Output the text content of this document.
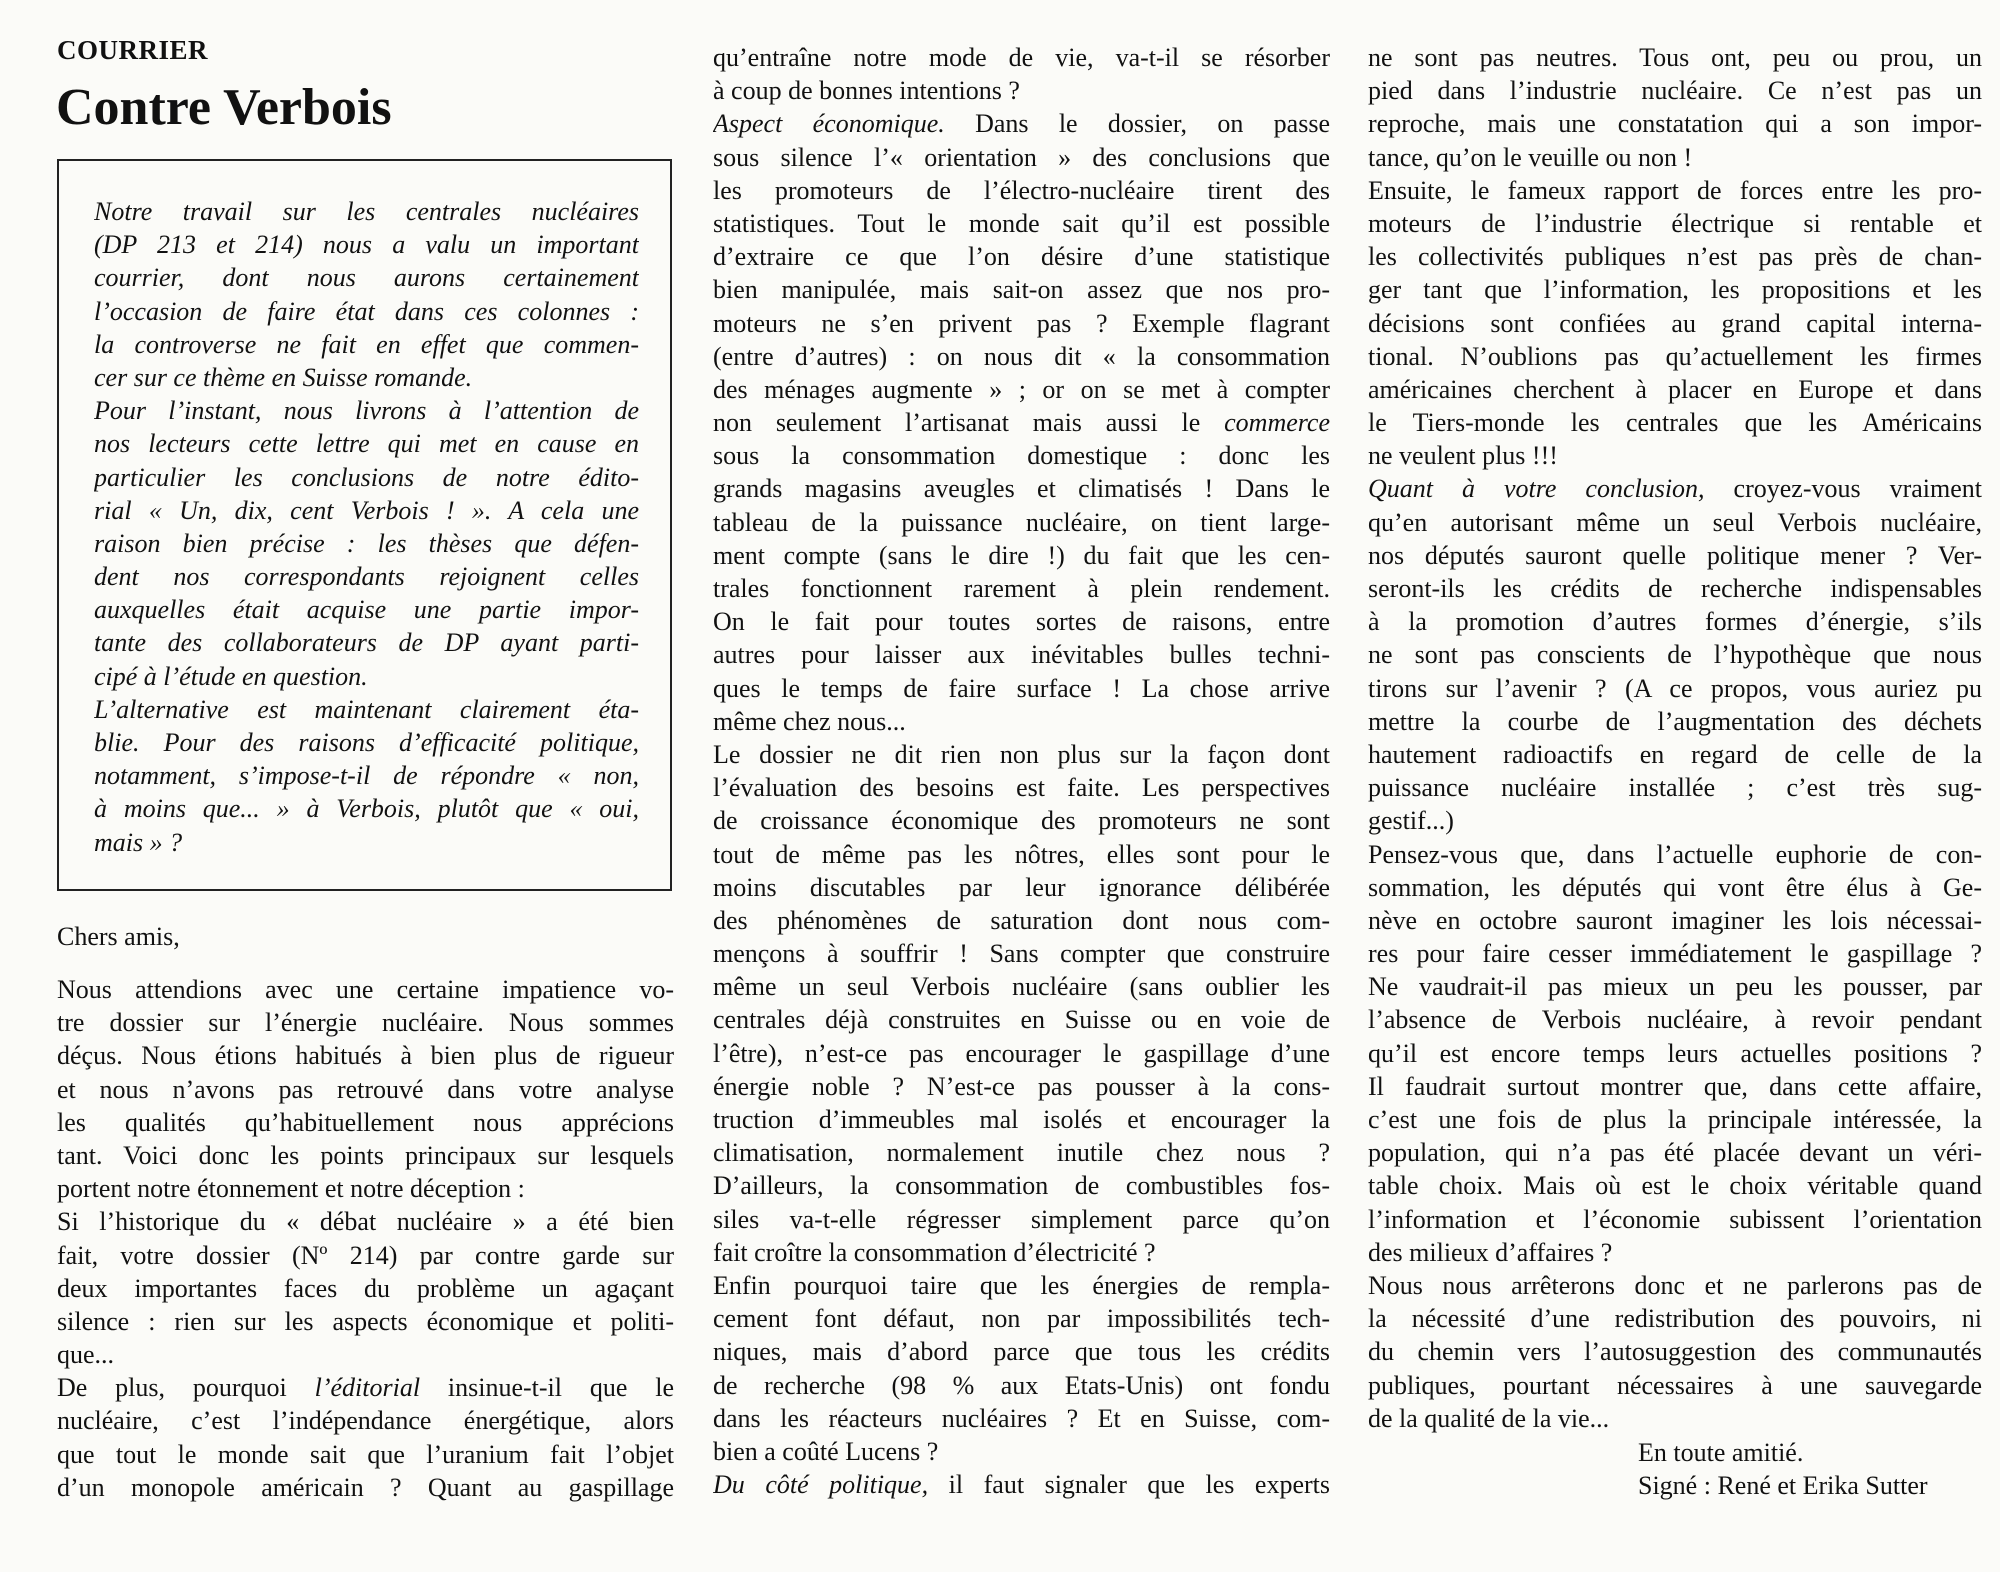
COURRIER
Contre Verbois
Notre travail sur les centrales nucléaires
(DP 213 et 214) nous a valu un important
courrier, dont nous aurons certainement
l’occasion de faire état dans ces colonnes :
la controverse ne fait en effet que commen-
cer sur ce thème en Suisse romande.
Pour l’instant, nous livrons à l’attention de
nos lecteurs cette lettre qui met en cause en
particulier les conclusions de notre édito-
rial « Un, dix, cent Verbois ! ». A cela une
raison bien précise : les thèses que défen-
dent nos correspondants rejoignent celles
auxquelles était acquise une partie impor-
tante des collaborateurs de DP ayant parti-
cipé à l’étude en question.
L’alternative est maintenant clairement éta-
blie. Pour des raisons d’efficacité politique,
notamment, s’impose-t-il de répondre « non,
à moins que... » à Verbois, plutôt que « oui,
mais » ?
Chers amis,
Nous attendions avec une certaine impatience vo-
tre dossier sur l’énergie nucléaire. Nous sommes
déçus. Nous étions habitués à bien plus de rigueur
et nous n’avons pas retrouvé dans votre analyse
les qualités qu’habituellement nous apprécions
tant. Voici donc les points principaux sur lesquels
portent notre étonnement et notre déception :
Si l’historique du « débat nucléaire » a été bien
fait, votre dossier (Nº 214) par contre garde sur
deux importantes faces du problème un agaçant
silence : rien sur les aspects économique et politi-
que...
De plus, pourquoi l’éditorial insinue-t-il que le
nucléaire, c’est l’indépendance énergétique, alors
que tout le monde sait que l’uranium fait l’objet
d’un monopole américain ? Quant au gaspillage
qu’entraîne notre mode de vie, va-t-il se résorber
à coup de bonnes intentions ?
Aspect économique. Dans le dossier, on passe
sous silence l’« orientation » des conclusions que
les promoteurs de l’électro-nucléaire tirent des
statistiques. Tout le monde sait qu’il est possible
d’extraire ce que l’on désire d’une statistique
bien manipulée, mais sait-on assez que nos pro-
moteurs ne s’en privent pas ? Exemple flagrant
(entre d’autres) : on nous dit « la consommation
des ménages augmente » ; or on se met à compter
non seulement l’artisanat mais aussi le commerce
sous la consommation domestique : donc les
grands magasins aveugles et climatisés ! Dans le
tableau de la puissance nucléaire, on tient large-
ment compte (sans le dire !) du fait que les cen-
trales fonctionnent rarement à plein rendement.
On le fait pour toutes sortes de raisons, entre
autres pour laisser aux inévitables bulles techni-
ques le temps de faire surface ! La chose arrive
même chez nous...
Le dossier ne dit rien non plus sur la façon dont
l’évaluation des besoins est faite. Les perspectives
de croissance économique des promoteurs ne sont
tout de même pas les nôtres, elles sont pour le
moins discutables par leur ignorance délibérée
des phénomènes de saturation dont nous com-
mençons à souffrir ! Sans compter que construire
même un seul Verbois nucléaire (sans oublier les
centrales déjà construites en Suisse ou en voie de
l’être), n’est-ce pas encourager le gaspillage d’une
énergie noble ? N’est-ce pas pousser à la cons-
truction d’immeubles mal isolés et encourager la
climatisation, normalement inutile chez nous ?
D’ailleurs, la consommation de combustibles fos-
siles va-t-elle régresser simplement parce qu’on
fait croître la consommation d’électricité ?
Enfin pourquoi taire que les énergies de rempla-
cement font défaut, non par impossibilités tech-
niques, mais d’abord parce que tous les crédits
de recherche (98 % aux Etats-Unis) ont fondu
dans les réacteurs nucléaires ? Et en Suisse, com-
bien a coûté Lucens ?
Du côté politique, il faut signaler que les experts
ne sont pas neutres. Tous ont, peu ou prou, un
pied dans l’industrie nucléaire. Ce n’est pas un
reproche, mais une constatation qui a son impor-
tance, qu’on le veuille ou non !
Ensuite, le fameux rapport de forces entre les pro-
moteurs de l’industrie électrique si rentable et
les collectivités publiques n’est pas près de chan-
ger tant que l’information, les propositions et les
décisions sont confiées au grand capital interna-
tional. N’oublions pas qu’actuellement les firmes
américaines cherchent à placer en Europe et dans
le Tiers-monde les centrales que les Américains
ne veulent plus !!!
Quant à votre conclusion, croyez-vous vraiment
qu’en autorisant même un seul Verbois nucléaire,
nos députés sauront quelle politique mener ? Ver-
seront-ils les crédits de recherche indispensables
à la promotion d’autres formes d’énergie, s’ils
ne sont pas conscients de l’hypothèque que nous
tirons sur l’avenir ? (A ce propos, vous auriez pu
mettre la courbe de l’augmentation des déchets
hautement radioactifs en regard de celle de la
puissance nucléaire installée ; c’est très sug-
gestif...)
Pensez-vous que, dans l’actuelle euphorie de con-
sommation, les députés qui vont être élus à Ge-
nève en octobre sauront imaginer les lois nécessai-
res pour faire cesser immédiatement le gaspillage ?
Ne vaudrait-il pas mieux un peu les pousser, par
l’absence de Verbois nucléaire, à revoir pendant
qu’il est encore temps leurs actuelles positions ?
Il faudrait surtout montrer que, dans cette affaire,
c’est une fois de plus la principale intéressée, la
population, qui n’a pas été placée devant un véri-
table choix. Mais où est le choix véritable quand
l’information et l’économie subissent l’orientation
des milieux d’affaires ?
Nous nous arrêterons donc et ne parlerons pas de
la nécessité d’une redistribution des pouvoirs, ni
du chemin vers l’autosuggestion des communautés
publiques, pourtant nécessaires à une sauvegarde
de la qualité de la vie...
En toute amitié.
Signé : René et Erika Sutter
